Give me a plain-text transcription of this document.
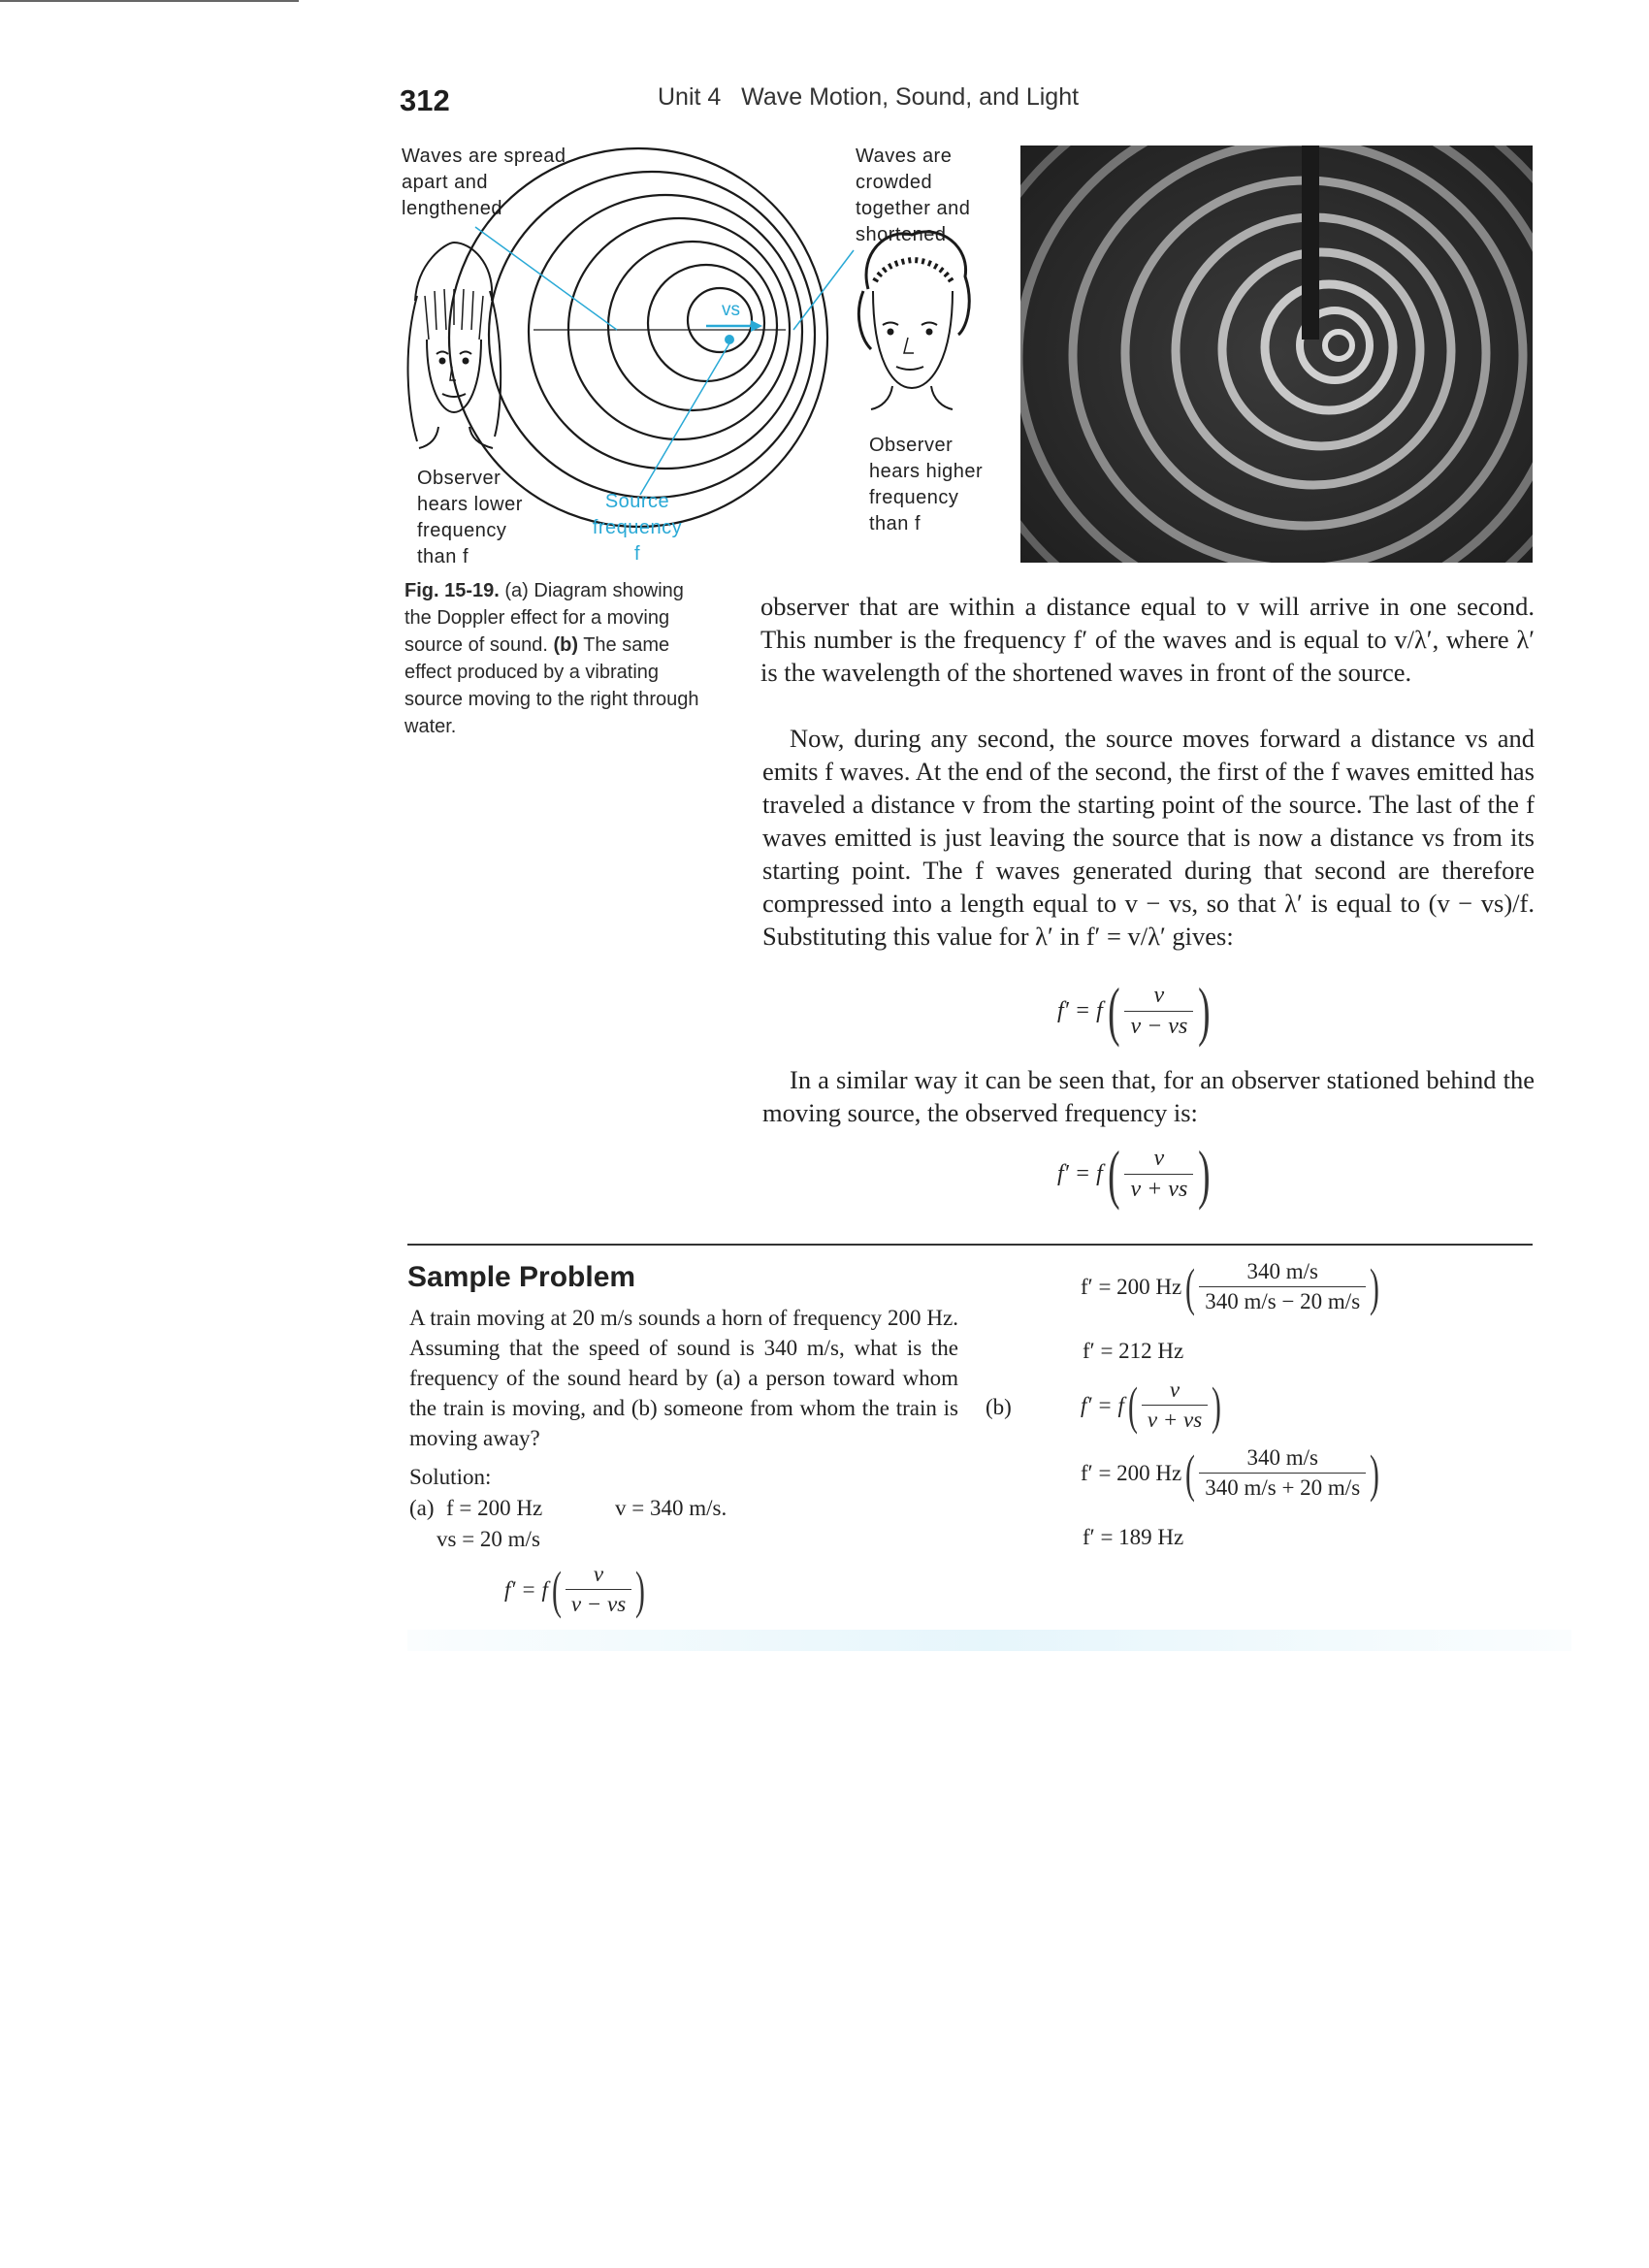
312	Unit 4   Wave Motion, Sound, and Light
Waves are spread
apart and
lengthened
Waves are
crowded
together and
shortened
vs
Observer
hears lower
frequency
than f
Source
frequency
f
Observer
hears higher
frequency
than f
Fig. 15-19. (a) Diagram showing the Doppler effect for a moving source of sound. (b) The same effect produced by a vibrating source moving to the right through water.
observer that are within a distance equal to v will arrive in one second. This number is the frequency f′ of the waves and is equal to v/λ′, where λ′ is the wavelength of the shortened waves in front of the source.
Now, during any second, the source moves forward a distance vs and emits f waves. At the end of the second, the first of the f waves emitted has traveled a distance v from the starting point of the source. The last of the f waves emitted is just leaving the source that is now a distance vs from its starting point. The f waves generated during that second are therefore compressed into a length equal to v − vs, so that λ′ is equal to (v − vs)/f. Substituting this value for λ′ in f′ = v/λ′ gives:
f′ = f ( $\frac{v}{v - vs}$ )
In a similar way it can be seen that, for an observer stationed behind the moving source, the observed frequency is:
f′ = f ( $\frac{v}{v + vs}$ )
Sample Problem
A train moving at 20 m/s sounds a horn of frequency 200 Hz. Assuming that the speed of sound is 340 m/s, what is the frequency of the sound heard by (a) a person toward whom the train is moving, and (b) someone from whom the train is moving away?
Solution:
(a) f = 200 Hz	v = 340 m/s.
vs = 20 m/s
f′ = f ( $\frac{v}{v - vs}$ )
f′ = 200 Hz ( $\frac{340 m/s}{340 m/s - 20 m/s}$ )
f′ = 212 Hz
(b)	f′ = f ( $\frac{v}{v + vs}$ )
f′ = 200 Hz ( $\frac{340 m/s}{340 m/s + 20 m/s}$ )
f′ = 189 Hz
